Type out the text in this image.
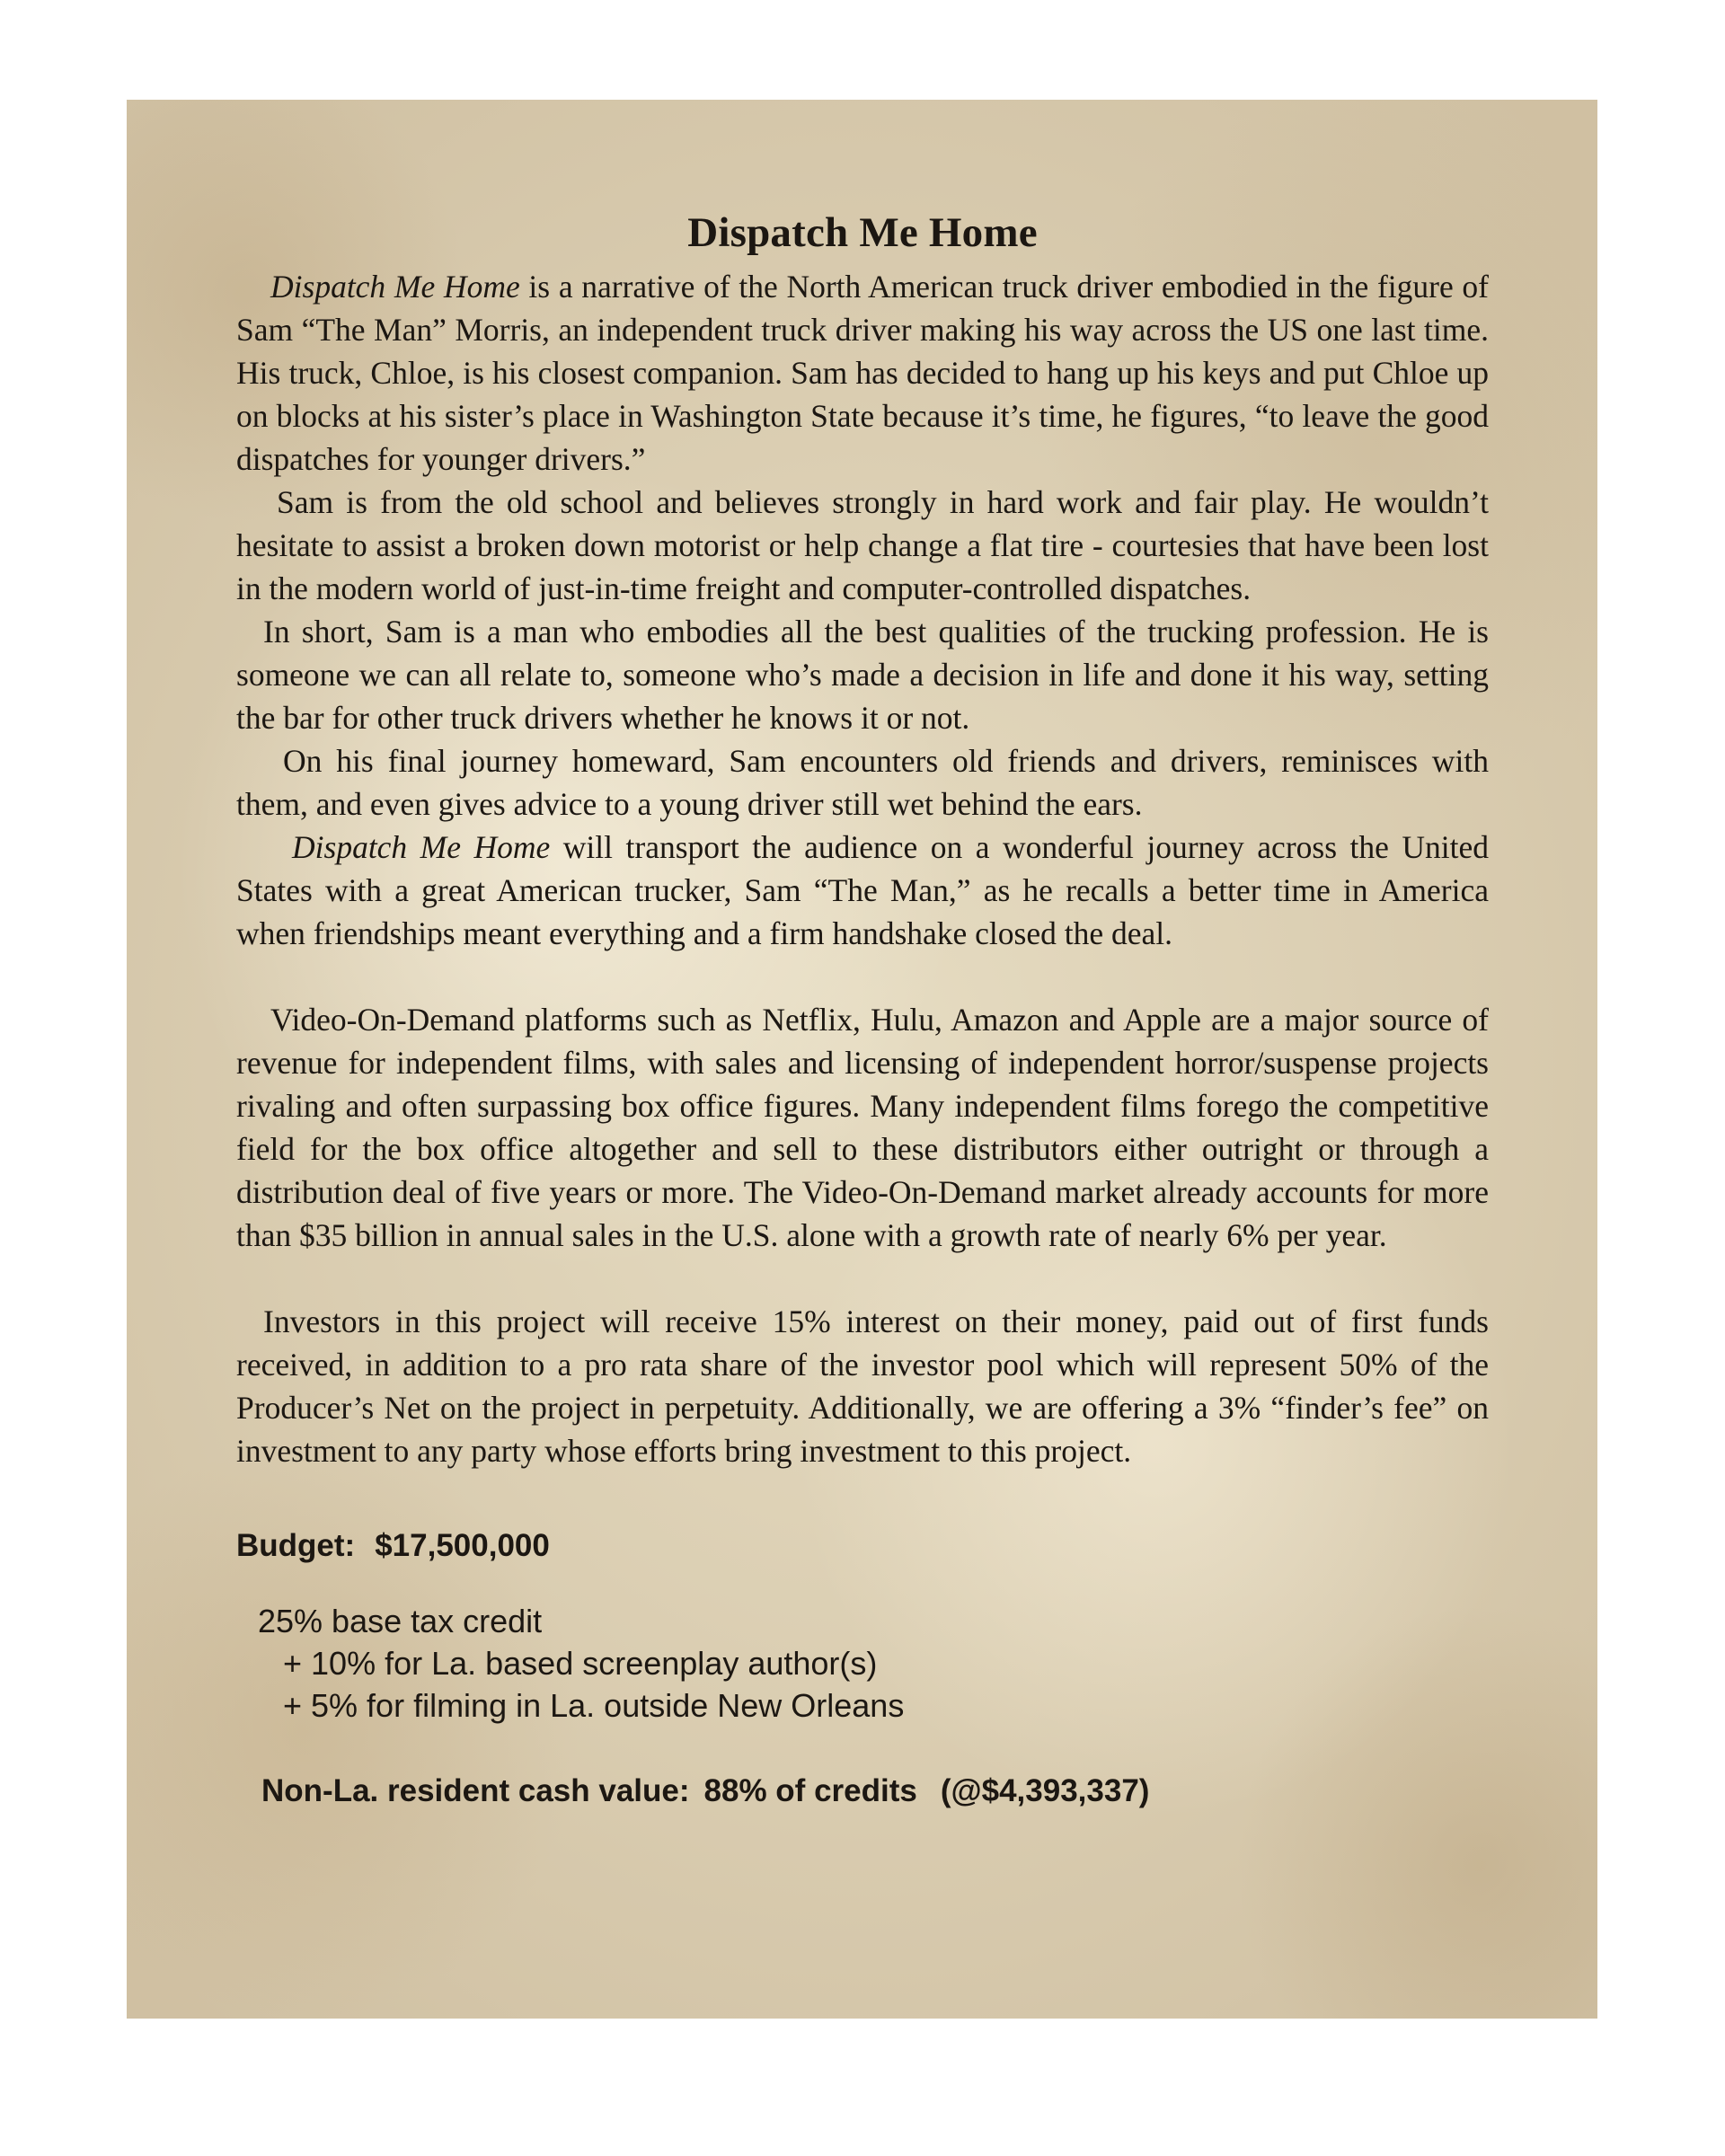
Dispatch Me Home

Dispatch Me Home is a narrative of the North American truck driver embodied in the figure of Sam “The Man” Morris, an independent truck driver making his way across the US one last time. His truck, Chloe, is his closest companion. Sam has decided to hang up his keys and put Chloe up on blocks at his sister’s place in Washington State because it’s time, he figures, “to leave the good dispatches for younger drivers.”

Sam is from the old school and believes strongly in hard work and fair play. He wouldn’t hesitate to assist a broken down motorist or help change a flat tire - courtesies that have been lost in the modern world of just-in-time freight and computer-controlled dispatches.

In short, Sam is a man who embodies all the best qualities of the trucking profession. He is someone we can all relate to, someone who’s made a decision in life and done it his way, setting the bar for other truck drivers whether he knows it or not.

On his final journey homeward, Sam encounters old friends and drivers, reminisces with them, and even gives advice to a young driver still wet behind the ears.

Dispatch Me Home will transport the audience on a wonderful journey across the United States with a great American trucker, Sam “The Man,” as he recalls a better time in America when friendships meant everything and a firm handshake closed the deal.

Video-On-Demand platforms such as Netflix, Hulu, Amazon and Apple are a major source of revenue for independent films, with sales and licensing of independent horror/suspense projects rivaling and often surpassing box office figures. Many independent films forego the competitive field for the box office altogether and sell to these distributors either outright or through a distribution deal of five years or more. The Video-On-Demand market already accounts for more than $35 billion in annual sales in the U.S. alone with a growth rate of nearly 6% per year.

Investors in this project will receive 15% interest on their money, paid out of first funds received, in addition to a pro rata share of the investor pool which will represent 50% of the Producer’s Net on the project in perpetuity. Additionally, we are offering a 3% “finder’s fee” on investment to any party whose efforts bring investment to this project.

Budget: $17,500,000
25% base tax credit
+ 10% for La. based screenplay author(s)
+ 5% for filming in La. outside New Orleans
Non-La. resident cash value: 88% of credits (@$4,393,337)
